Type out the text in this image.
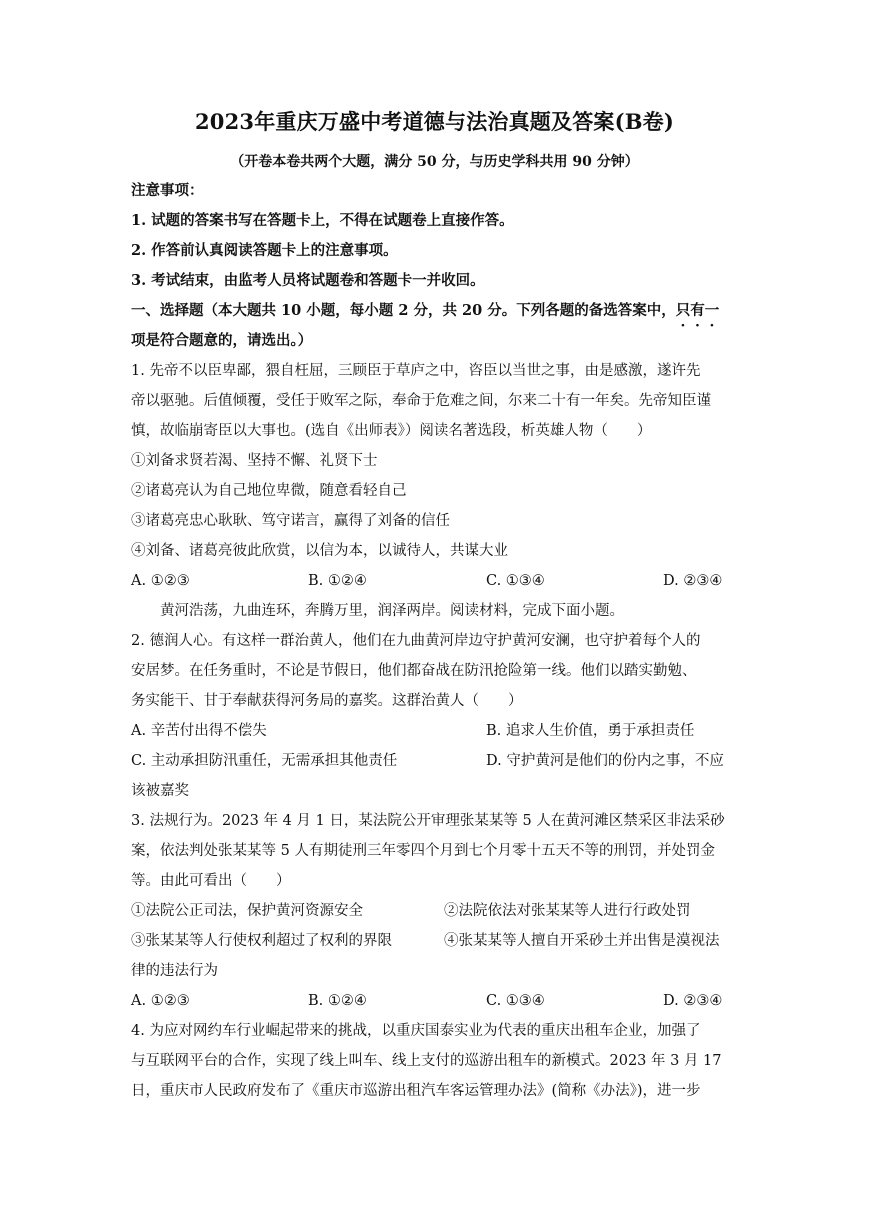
2023年重庆万盛中考道德与法治真题及答案(B卷)
（开卷本卷共两个大题，满分 50 分，与历史学科共用 90 分钟）
注意事项：
1. 试题的答案书写在答题卡上，不得在试题卷上直接作答。
2. 作答前认真阅读答题卡上的注意事项。
3. 考试结束，由监考人员将试题卷和答题卡一并收回。
一、选择题（本大题共 10 小题，每小题 2 分，共 20 分。下列各题的备选答案中，只有一
项是符合题意的，请选出。）
1. 先帝不以臣卑鄙，猥自枉屈，三顾臣于草庐之中，咨臣以当世之事，由是感激，遂许先
帝以驱驰。后值倾覆，受任于败军之际，奉命于危难之间，尔来二十有一年矣。先帝知臣谨
慎，故临崩寄臣以大事也。(选自《出师表》）阅读名著选段，析英雄人物（　　）
①刘备求贤若渴、坚持不懈、礼贤下士
②诸葛亮认为自己地位卑微，随意看轻自己
③诸葛亮忠心耿耿、笃守诺言，赢得了刘备的信任
④刘备、诸葛亮彼此欣赏，以信为本，以诚待人，共谋大业
A. ①②③	B. ①②④	C. ①③④	D. ②③④
黄河浩荡，九曲连环，奔腾万里，润泽两岸。阅读材料，完成下面小题。
2. 德润人心。有这样一群治黄人，他们在九曲黄河岸边守护黄河安澜，也守护着每个人的
安居梦。在任务重时，不论是节假日，他们都奋战在防汛抢险第一线。他们以踏实勤勉、
务实能干、甘于奉献获得河务局的嘉奖。这群治黄人（　　）
A. 辛苦付出得不偿失	B. 追求人生价值，勇于承担责任
C. 主动承担防汛重任，无需承担其他责任	D. 守护黄河是他们的份内之事，不应
该被嘉奖
3. 法规行为。2023 年 4 月 1 日，某法院公开审理张某某等 5 人在黄河滩区禁采区非法采砂
案，依法判处张某某等 5 人有期徒刑三年零四个月到七个月零十五天不等的刑罚，并处罚金
等。由此可看出（　　）
①法院公正司法，保护黄河资源安全	②法院依法对张某某等人进行行政处罚
③张某某等人行使权利超过了权利的界限	④张某某等人擅自开采砂土并出售是漠视法
律的违法行为
A. ①②③	B. ①②④	C. ①③④	D. ②③④
4. 为应对网约车行业崛起带来的挑战，以重庆国泰实业为代表的重庆出租车企业，加强了
与互联网平台的合作，实现了线上叫车、线上支付的巡游出租车的新模式。2023 年 3 月 17
日，重庆市人民政府发布了《重庆市巡游出租汽车客运管理办法》(简称《办法》)，进一步
